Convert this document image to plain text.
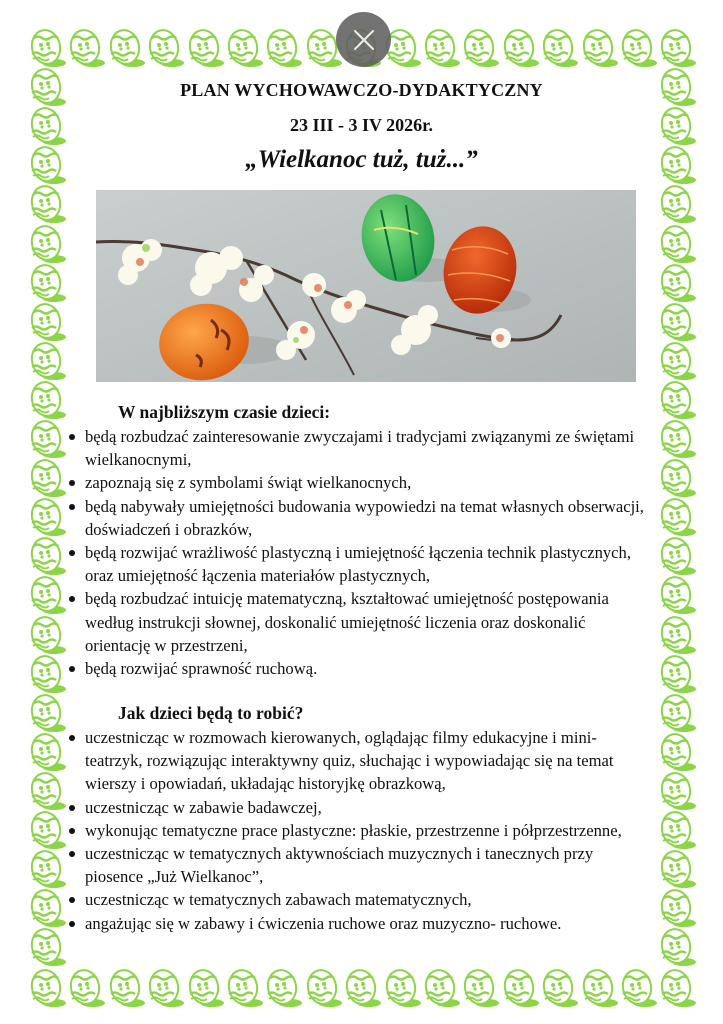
PLAN WYCHOWAWCZO-DYDAKTYCZNY
23 III - 3 IV 2026r.
„Wielkanoc tuż, tuż...”
W najbliższym czasie dzieci:
będą rozbudzać zainteresowanie zwyczajami i tradycjami związanymi ze świętami wielkanocnymi,
zapoznają się z symbolami świąt wielkanocnych,
będą nabywały umiejętności budowania wypowiedzi na temat własnych obserwacji, doświadczeń i obrazków,
będą rozwijać wrażliwość plastyczną i umiejętność łączenia technik plastycznych, oraz umiejętność łączenia materiałów plastycznych,
będą rozbudzać intuicję matematyczną, kształtować umiejętność postępowania według instrukcji słownej, doskonalić umiejętność liczenia oraz doskonalić orientację w przestrzeni,
będą rozwijać sprawność ruchową.
Jak dzieci będą to robić?
uczestnicząc w rozmowach kierowanych, oglądając filmy edukacyjne i mini-teatrzyk, rozwiązując interaktywny quiz, słuchając i wypowiadając się na temat wierszy i opowiadań, układając historyjkę obrazkową,
uczestnicząc w zabawie badawczej,
wykonując tematyczne prace plastyczne: płaskie, przestrzenne i półprzestrzenne,
uczestnicząc w tematycznych aktywnościach muzycznych i tanecznych przy piosence „Już Wielkanoc”,
uczestnicząc w tematycznych zabawach matematycznych,
angażując się w zabawy i ćwiczenia ruchowe oraz muzyczno- ruchowe.
